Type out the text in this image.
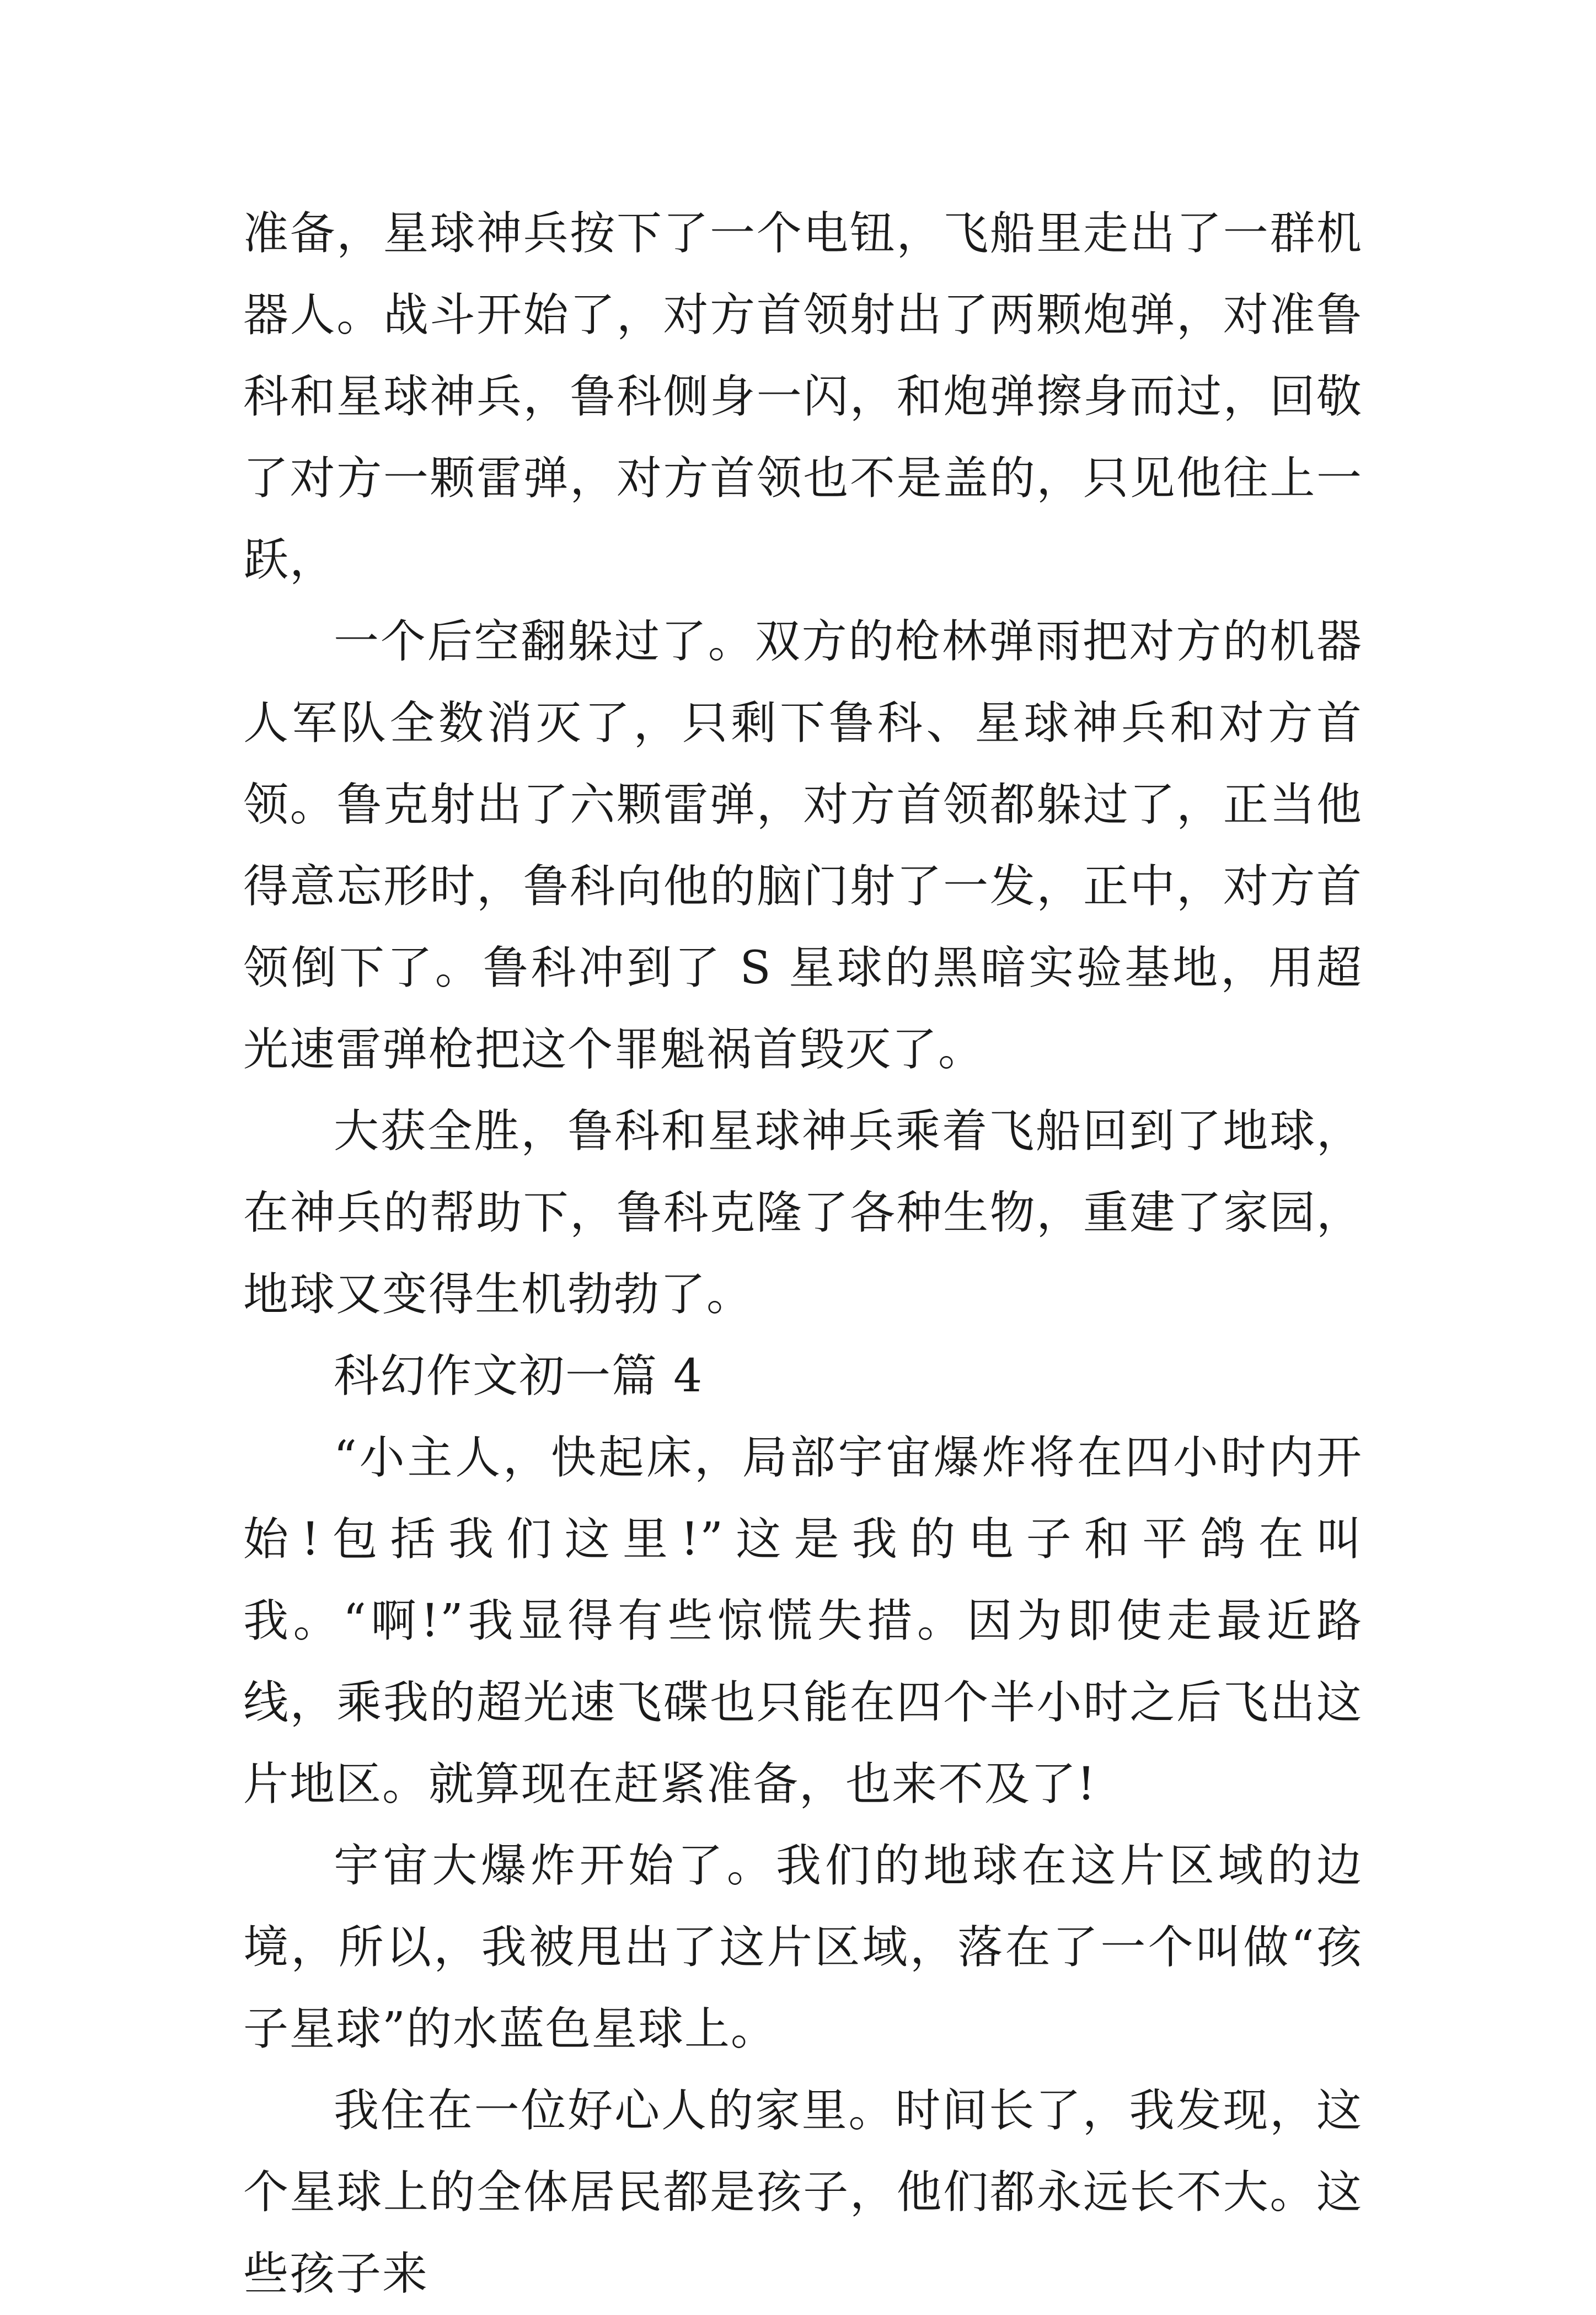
准备，星球神兵按下了一个电钮，飞船里走出了一群机器人。战斗开始了，对方首领射出了两颗炮弹，对准鲁科和星球神兵，鲁科侧身一闪，和炮弹擦身而过，回敬了对方一颗雷弹，对方首领也不是盖的，只见他往上一跃，

一个后空翻躲过了。双方的枪林弹雨把对方的机器人军队全数消灭了，只剩下鲁科、星球神兵和对方首领。鲁克射出了六颗雷弹，对方首领都躲过了，正当他得意忘形时，鲁科向他的脑门射了一发，正中，对方首领倒下了。鲁科冲到了 S 星球的黑暗实验基地，用超光速雷弹枪把这个罪魁祸首毁灭了。

大获全胜，鲁科和星球神兵乘着飞船回到了地球，在神兵的帮助下，鲁科克隆了各种生物，重建了家园，地球又变得生机勃勃了。

科幻作文初一篇 4

“小主人，快起床，局部宇宙爆炸将在四小时内开始!包括我们这里!”这是我的电子和平鸽在叫我。“啊!”我显得有些惊慌失措。因为即使走最近路线，乘我的超光速飞碟也只能在四个半小时之后飞出这片地区。就算现在赶紧准备，也来不及了!

宇宙大爆炸开始了。我们的地球在这片区域的边境，所以，我被甩出了这片区域，落在了一个叫做“孩子星球”的水蓝色星球上。

我住在一位好心人的家里。时间长了，我发现，这个星球上的全体居民都是孩子，他们都永远长不大。这些孩子来
